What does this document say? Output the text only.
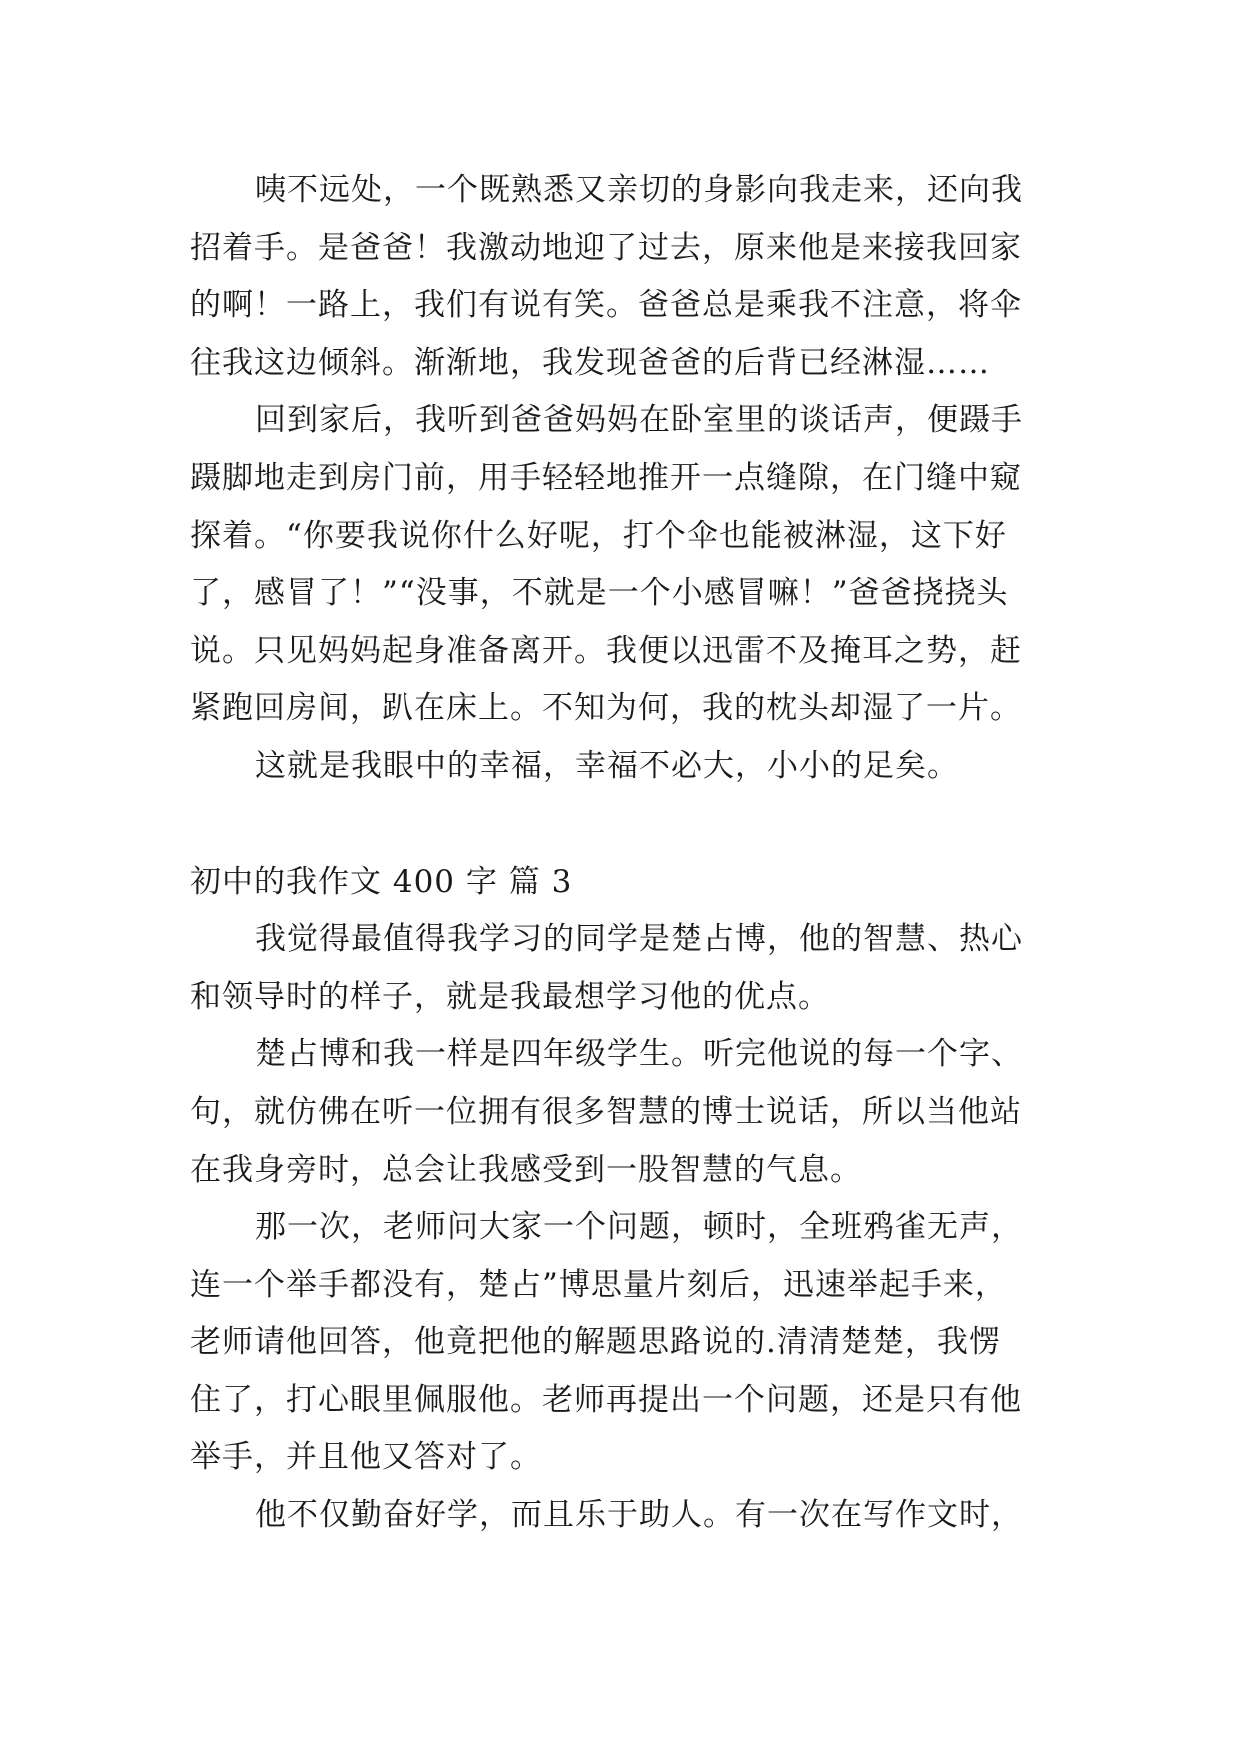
咦不远处，一个既熟悉又亲切的身影向我走来，还向我
招着手。是爸爸！我激动地迎了过去，原来他是来接我回家
的啊！一路上，我们有说有笑。爸爸总是乘我不注意，将伞
往我这边倾斜。渐渐地，我发现爸爸的后背已经淋湿……
回到家后，我听到爸爸妈妈在卧室里的谈话声，便蹑手
蹑脚地走到房门前，用手轻轻地推开一点缝隙，在门缝中窥
探着。“你要我说你什么好呢，打个伞也能被淋湿，这下好
了，感冒了！”“没事，不就是一个小感冒嘛！”爸爸挠挠头
说。只见妈妈起身准备离开。我便以迅雷不及掩耳之势，赶
紧跑回房间，趴在床上。不知为何，我的枕头却湿了一片。
这就是我眼中的幸福，幸福不必大，小小的足矣。
初中的我作文 400 字 篇 3
我觉得最值得我学习的同学是楚占博，他的智慧、热心
和领导时的样子，就是我最想学习他的优点。
楚占博和我一样是四年级学生。听完他说的每一个字、
句，就仿佛在听一位拥有很多智慧的博士说话，所以当他站
在我身旁时，总会让我感受到一股智慧的气息。
那一次，老师问大家一个问题，顿时，全班鸦雀无声，
连一个举手都没有，楚占”博思量片刻后，迅速举起手来，
老师请他回答，他竟把他的解题思路说的.清清楚楚，我愣
住了，打心眼里佩服他。老师再提出一个问题，还是只有他
举手，并且他又答对了。
他不仅勤奋好学，而且乐于助人。有一次在写作文时，
